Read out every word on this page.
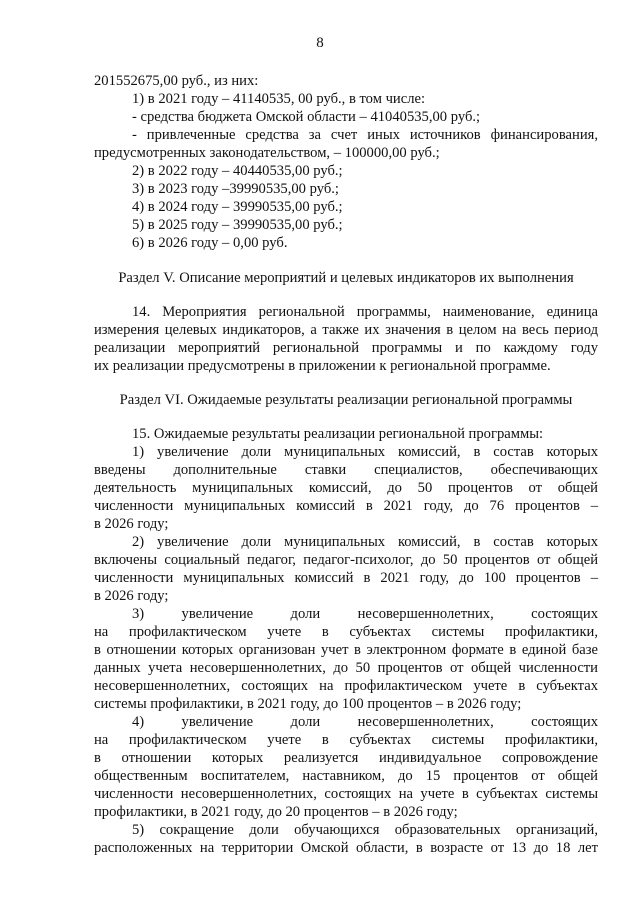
8
201552675,00 руб., из них:
1) в 2021 году – 41140535, 00 руб., в том числе:
- средства бюджета Омской области – 41040535,00 руб.;
- привлеченные средства за счет иных источников финансирования,
предусмотренных законодательством, – 100000,00 руб.;
2) в 2022 году – 40440535,00 руб.;
3) в 2023 году –39990535,00 руб.;
4) в 2024 году – 39990535,00 руб.;
5) в 2025 году – 39990535,00 руб.;
6) в 2026 году – 0,00 руб.
Раздел V. Описание мероприятий и целевых индикаторов их выполнения
14. Мероприятия региональной программы, наименование, единица
измерения целевых индикаторов, а также их значения в целом на весь период
реализации мероприятий региональной программы и по каждому году
их реализации предусмотрены в приложении к региональной программе.
Раздел VI. Ожидаемые результаты реализации региональной программы
15. Ожидаемые результаты реализации региональной программы:
1) увеличение доли муниципальных комиссий, в состав которых
введены дополнительные ставки специалистов, обеспечивающих
деятельность муниципальных комиссий, до 50 процентов от общей
численности муниципальных комиссий в 2021 году, до 76 процентов –
в 2026 году;
2) увеличение доли муниципальных комиссий, в состав которых
включены социальный педагог, педагог-психолог, до 50 процентов от общей
численности муниципальных комиссий в 2021 году, до 100 процентов –
в 2026 году;
3) увеличение доли несовершеннолетних, состоящих
на профилактическом учете в субъектах системы профилактики,
в отношении которых организован учет в электронном формате в единой базе
данных учета несовершеннолетних, до 50 процентов от общей численности
несовершеннолетних, состоящих на профилактическом учете в субъектах
системы профилактики, в 2021 году, до 100 процентов – в 2026 году;
4) увеличение доли несовершеннолетних, состоящих
на профилактическом учете в субъектах системы профилактики,
в отношении которых реализуется индивидуальное сопровождение
общественным воспитателем, наставником, до 15 процентов от общей
численности несовершеннолетних, состоящих на учете в субъектах системы
профилактики, в 2021 году, до 20 процентов – в 2026 году;
5) сокращение доли обучающихся образовательных организаций,
расположенных на территории Омской области, в возрасте от 13 до 18 лет
